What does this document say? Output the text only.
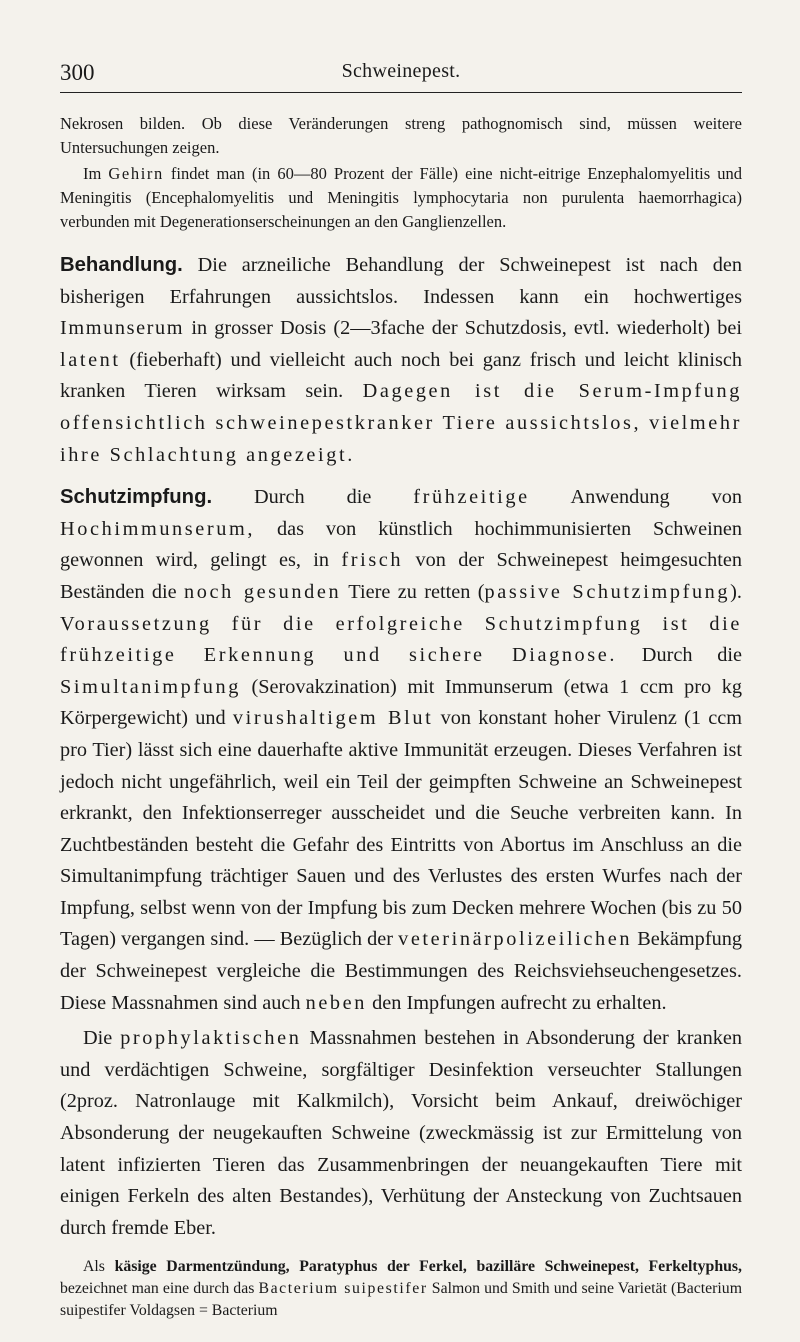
300	Schweinepest.

Nekrosen bilden. Ob diese Veränderungen streng pathognomisch sind, müssen weitere Untersuchungen zeigen.

Im Gehirn findet man (in 60—80 Prozent der Fälle) eine nicht-eitrige Enzephalomyelitis und Meningitis (Encephalomyelitis und Meningitis lymphocytaria non purulenta haemorrhagica) verbunden mit Degenerationserscheinungen an den Ganglienzellen.

Behandlung. Die arzneiliche Behandlung der Schweinepest ist nach den bisherigen Erfahrungen aussichtslos. Indessen kann ein hochwertiges Immunserum in grosser Dosis (2—3fache der Schutzdosis, evtl. wiederholt) bei latent (fieberhaft) und vielleicht auch noch bei ganz frisch und leicht klinisch kranken Tieren wirksam sein. Dagegen ist die Serum-Impfung offensichtlich schweinepestkranker Tiere aussichtslos, vielmehr ihre Schlachtung angezeigt.

Schutzimpfung. Durch die frühzeitige Anwendung von Hochimmunserum, das von künstlich hochimmunisierten Schweinen gewonnen wird, gelingt es, in frisch von der Schweinepest heimgesuchten Beständen die noch gesunden Tiere zu retten (passive Schutzimpfung). Voraussetzung für die erfolgreiche Schutzimpfung ist die frühzeitige Erkennung und sichere Diagnose. Durch die Simultanimpfung (Serovakzination) mit Immunserum (etwa 1 ccm pro kg Körpergewicht) und virushaltigem Blut von konstant hoher Virulenz (1 ccm pro Tier) lässt sich eine dauerhafte aktive Immunität erzeugen. Dieses Verfahren ist jedoch nicht ungefährlich, weil ein Teil der geimpften Schweine an Schweinepest erkrankt, den Infektionserreger ausscheidet und die Seuche verbreiten kann. In Zuchtbeständen besteht die Gefahr des Eintritts von Abortus im Anschluss an die Simultanimpfung trächtiger Sauen und des Verlustes des ersten Wurfes nach der Impfung, selbst wenn von der Impfung bis zum Decken mehrere Wochen (bis zu 50 Tagen) vergangen sind. — Bezüglich der veterinärpolizeilichen Bekämpfung der Schweinepest vergleiche die Bestimmungen des Reichsviehseuchengesetzes. Diese Massnahmen sind auch neben den Impfungen aufrecht zu erhalten.

Die prophylaktischen Massnahmen bestehen in Absonderung der kranken und verdächtigen Schweine, sorgfältiger Desinfektion verseuchter Stallungen (2proz. Natronlauge mit Kalkmilch), Vorsicht beim Ankauf, dreiwöchiger Absonderung der neugekauften Schweine (zweckmässig ist zur Ermittelung von latent infizierten Tieren das Zusammenbringen der neuangekauften Tiere mit einigen Ferkeln des alten Bestandes), Verhütung der Ansteckung von Zuchtsauen durch fremde Eber.

Als käsige Darmentzündung, Paratyphus der Ferkel, bazilläre Schweinepest, Ferkeltyphus, bezeichnet man eine durch das Bacterium suipestifer Salmon und Smith und seine Varietät (Bacterium suipestifer Voldagsen = Bacterium
